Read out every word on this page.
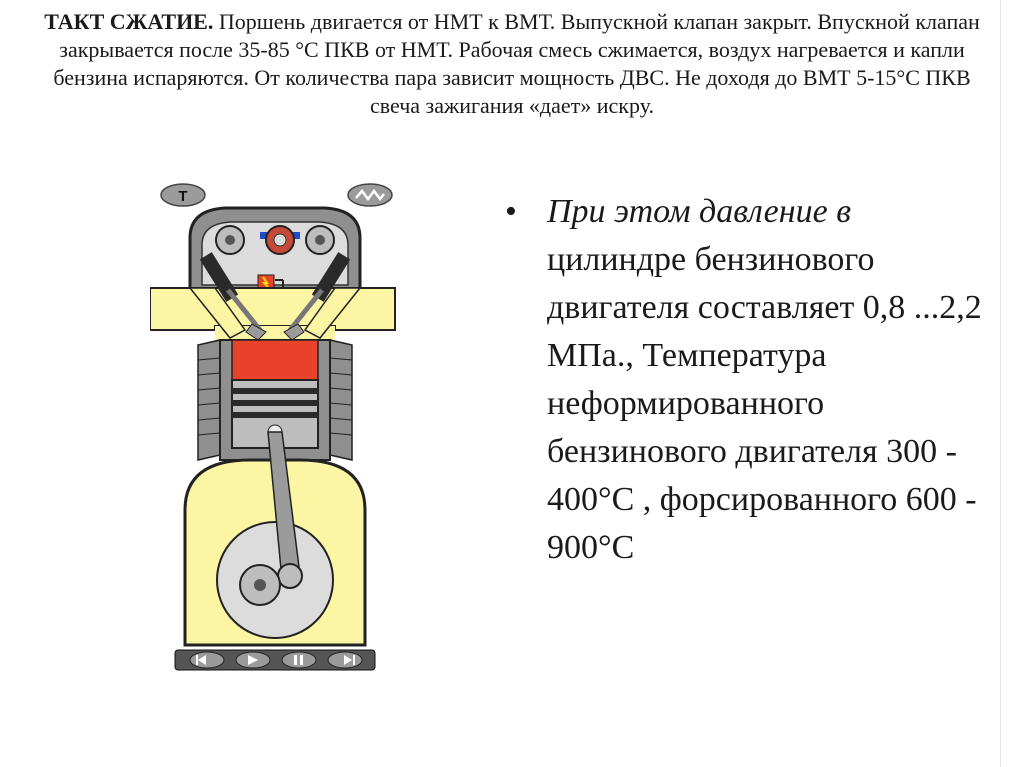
ТАКТ СЖАТИЕ. Поршень двигается от НМТ к ВМТ. Выпускной клапан закрыт. Впускной клапан закрывается после 35-85 °С ПКВ от НМТ. Рабочая смесь сжимается, воздух нагревается и капли бензина испаряются. От количества пара зависит мощность ДВС. Не доходя до ВМТ 5-15°С ПКВ свеча зажигания «дает» искру.
T	• При этом давление в цилиндре бензинового двигателя составляет 0,8 ...2,2 МПа., Температура неформированного бензинового двигателя 300 - 400°С , форсированного 600 - 900°С
